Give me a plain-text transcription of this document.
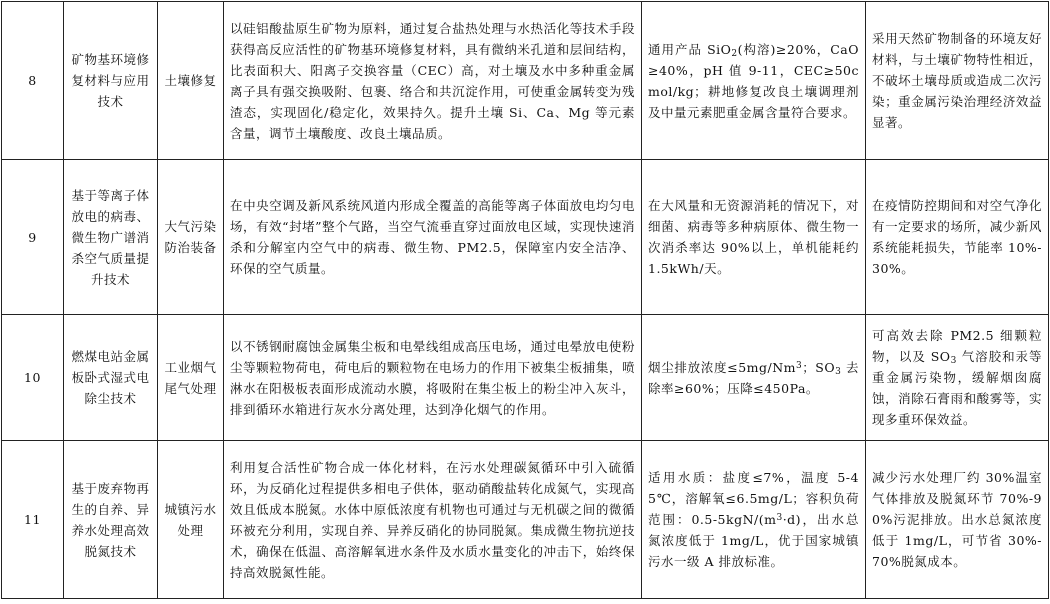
8	矿物基环境修复材料与应用技术	土壤修复	以硅铝酸盐原生矿物为原料，通过复合盐热处理与水热活化等技术手段获得高反应活性的矿物基环境修复材料，具有微纳米孔道和层间结构，比表面积大、阳离子交换容量（CEC）高，对土壤及水中多种重金属离子具有强交换吸附、包裹、络合和共沉淀作用，可使重金属转变为残渣态，实现固化/稳定化，效果持久。提升土壤 Si、Ca、Mg 等元素含量，调节土壤酸度、改良土壤品质。	通用产品 SiO$_2$(构溶)≥20%，CaO≥40%，pH 值 9-11，CEC≥50cmol/kg；耕地修复改良土壤调理剂及中量元素肥重金属含量符合要求。	采用天然矿物制备的环境友好材料，与土壤矿物特性相近，不破坏土壤母质或造成二次污染；重金属污染治理经济效益显著。
9	基于等离子体放电的病毒、微生物广谱消杀空气质量提升技术	大气污染防治装备	在中央空调及新风系统风道内形成全覆盖的高能等离子体面放电均匀电场，有效“封堵”整个气路，当空气流垂直穿过面放电区域，实现快速消杀和分解室内空气中的病毒、微生物、PM2.5，保障室内安全洁净、环保的空气质量。	在大风量和无资源消耗的情况下，对细菌、病毒等多种病原体、微生物一次消杀率达 90%以上，单机能耗约 1.5kWh/天。	在疫情防控期间和对空气净化有一定要求的场所，减少新风系统能耗损失，节能率 10%-30%。
10	燃煤电站金属板卧式湿式电除尘技术	工业烟气尾气处理	以不锈钢耐腐蚀金属集尘板和电晕线组成高压电场，通过电晕放电使粉尘等颗粒物荷电，荷电后的颗粒物在电场力的作用下被集尘板捕集，喷淋水在阳极板表面形成流动水膜，将吸附在集尘板上的粉尘冲入灰斗，排到循环水箱进行灰水分离处理，达到净化烟气的作用。	烟尘排放浓度$\le 5mg/Nm^3$；$SO_3$ 去除率≥60%；压降≤450Pa。	可高效去除 PM2.5 细颗粒物，以及 $SO_3$ 气溶胶和汞等重金属污染物，缓解烟囱腐蚀，消除石膏雨和酸雾等，实现多重环保效益。
11	基于废弃物再生的自养、异养水处理高效脱氮技术	城镇污水处理	利用复合活性矿物合成一体化材料，在污水处理碳氮循环中引入硫循环，为反硝化过程提供多相电子供体，驱动硝酸盐转化成氮气，实现高效且低成本脱氮。水体中原低浓度有机物也可通过与无机碳之间的微循环被充分利用，实现自养、异养反硝化的协同脱氮。集成微生物抗逆技术，确保在低温、高溶解氧进水条件及水质水量变化的冲击下，始终保持高效脱氮性能。	适用水质：盐度≤7%，温度 5-45℃，溶解氧≤6.5mg/L；容积负荷范围：$0.5-5kgN/(m^3\cdot d)$，出水总氮浓度低于 1mg/L，优于国家城镇污水一级 A 排放标准。	减少污水处理厂约 30%温室气体排放及脱氮环节 70%-90%污泥排放。出水总氮浓度低于 1mg/L，可节省 30%-70%脱氮成本。
